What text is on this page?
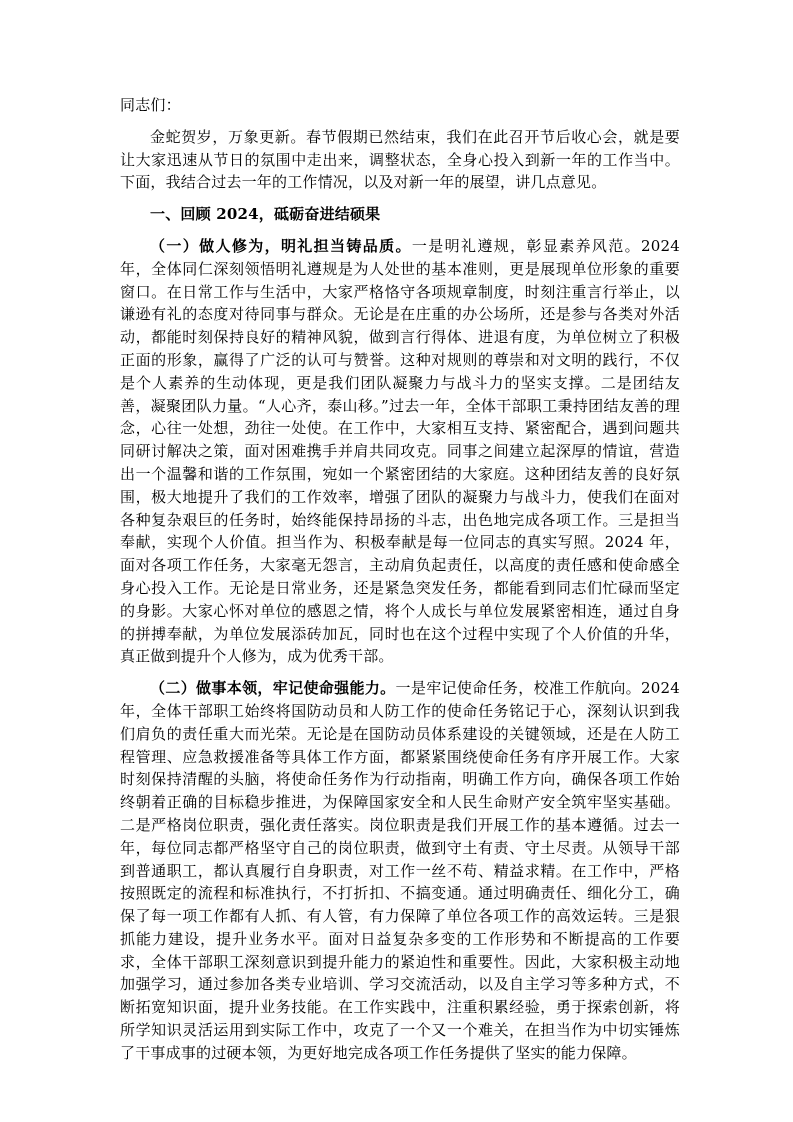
同志们：

金蛇贺岁，万象更新。春节假期已然结束，我们在此召开节后收心会，就是要让大家迅速从节日的氛围中走出来，调整状态，全身心投入到新一年的工作当中。下面，我结合过去一年的工作情况，以及对新一年的展望，讲几点意见。

一、回顾 2024，砥砺奋进结硕果

（一）做人修为，明礼担当铸品质。一是明礼遵规，彰显素养风范。2024 年，全体同仁深刻领悟明礼遵规是为人处世的基本准则，更是展现单位形象的重要窗口。在日常工作与生活中，大家严格恪守各项规章制度，时刻注重言行举止，以谦逊有礼的态度对待同事与群众。无论是在庄重的办公场所，还是参与各类对外活动，都能时刻保持良好的精神风貌，做到言行得体、进退有度，为单位树立了积极正面的形象，赢得了广泛的认可与赞誉。这种对规则的尊崇和对文明的践行，不仅是个人素养的生动体现，更是我们团队凝聚力与战斗力的坚实支撑。二是团结友善，凝聚团队力量。“人心齐，泰山移。”过去一年，全体干部职工秉持团结友善的理念，心往一处想，劲往一处使。在工作中，大家相互支持、紧密配合，遇到问题共同研讨解决之策，面对困难携手并肩共同攻克。同事之间建立起深厚的情谊，营造出一个温馨和谐的工作氛围，宛如一个紧密团结的大家庭。这种团结友善的良好氛围，极大地提升了我们的工作效率，增强了团队的凝聚力与战斗力，使我们在面对各种复杂艰巨的任务时，始终能保持昂扬的斗志，出色地完成各项工作。三是担当奉献，实现个人价值。担当作为、积极奉献是每一位同志的真实写照。2024 年，面对各项工作任务，大家毫无怨言，主动肩负起责任，以高度的责任感和使命感全身心投入工作。无论是日常业务，还是紧急突发任务，都能看到同志们忙碌而坚定的身影。大家心怀对单位的感恩之情，将个人成长与单位发展紧密相连，通过自身的拼搏奉献，为单位发展添砖加瓦，同时也在这个过程中实现了个人价值的升华，真正做到提升个人修为，成为优秀干部。

（二）做事本领，牢记使命强能力。一是牢记使命任务，校准工作航向。2024 年，全体干部职工始终将国防动员和人防工作的使命任务铭记于心，深刻认识到我们肩负的责任重大而光荣。无论是在国防动员体系建设的关键领域，还是在人防工程管理、应急救援准备等具体工作方面，都紧紧围绕使命任务有序开展工作。大家时刻保持清醒的头脑，将使命任务作为行动指南，明确工作方向，确保各项工作始终朝着正确的目标稳步推进，为保障国家安全和人民生命财产安全筑牢坚实基础。二是严格岗位职责，强化责任落实。岗位职责是我们开展工作的基本遵循。过去一年，每位同志都严格坚守自己的岗位职责，做到守土有责、守土尽责。从领导干部到普通职工，都认真履行自身职责，对工作一丝不苟、精益求精。在工作中，严格按照既定的流程和标准执行，不打折扣、不搞变通。通过明确责任、细化分工，确保了每一项工作都有人抓、有人管，有力保障了单位各项工作的高效运转。三是狠抓能力建设，提升业务水平。面对日益复杂多变的工作形势和不断提高的工作要求，全体干部职工深刻意识到提升能力的紧迫性和重要性。因此，大家积极主动地加强学习，通过参加各类专业培训、学习交流活动，以及自主学习等多种方式，不断拓宽知识面，提升业务技能。在工作实践中，注重积累经验，勇于探索创新，将所学知识灵活运用到实际工作中，攻克了一个又一个难关，在担当作为中切实锤炼了干事成事的过硬本领，为更好地完成各项工作任务提供了坚实的能力保障。
